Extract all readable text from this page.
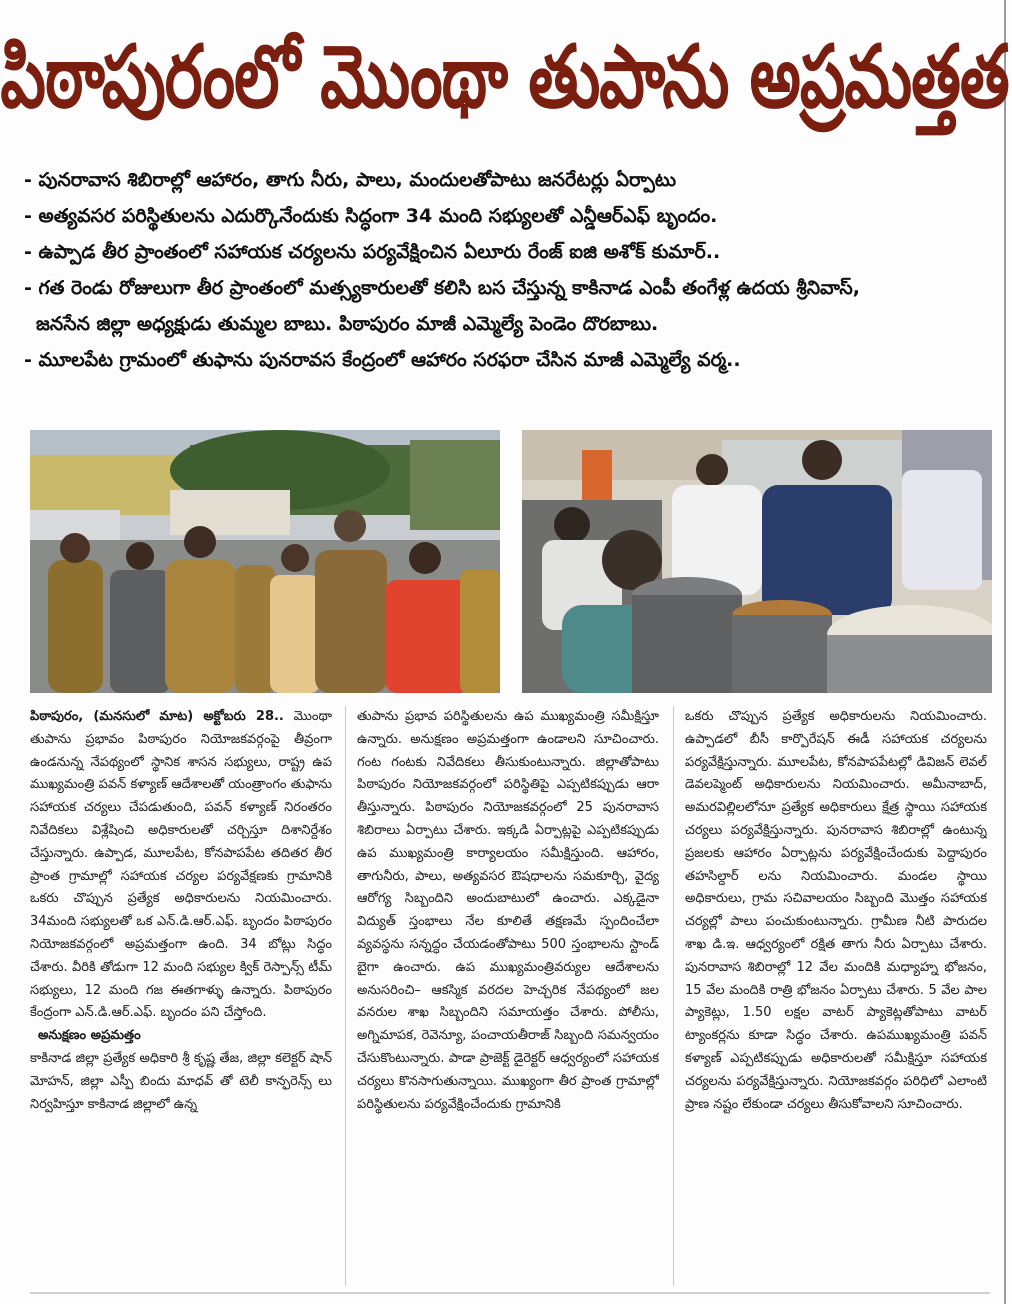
పిఠాపురంలో మొంథా తుపాను అప్రమత్తత
- పునరావాస శిబిరాల్లో ఆహారం, తాగు నీరు, పాలు, మందులతోపాటు జనరేటర్లు ఏర్పాటు
- అత్యవసర పరిస్థితులను ఎదుర్కొనేందుకు సిద్ధంగా 34 మంది సభ్యులతో ఎన్డీఆర్ఎఫ్ బృందం.
- ఉప్పాడ తీర ప్రాంతంలో సహాయక చర్యలను పర్యవేక్షించిన ఏలూరు రేంజ్ ఐజి అశోక్ కుమార్..
- గత రెండు రోజులుగా తీర ప్రాంతంలో మత్స్యకారులతో కలిసి బస చేస్తున్న కాకినాడ ఎంపీ తంగేళ్ల ఉదయ శ్రీనివాస్,
జనసేన జిల్లా అధ్యక్షుడు తుమ్మల బాబు. పిఠాపురం మాజీ ఎమ్మెల్యే పెండెం దొరబాబు.
- మూలపేట గ్రామంలో తుఫాను పునరావస కేంద్రంలో ఆహారం సరఫరా చేసిన మాజీ ఎమ్మెల్యే వర్మ..

పిఠాపురం, (మనసులో మాట) అక్టోబరు 28.. మొంథా తుపాను ప్రభావం పిఠాపురం నియోజకవర్గంపై తీవ్రంగా ఉండనున్న నేపథ్యంలో స్థానిక శాసన సభ్యులు, రాష్ట్ర ఉప ముఖ్యమంత్రి పవన్ కళ్యాణ్ ఆదేశాలతో యంత్రాంగం తుఫాను సహాయక చర్యలు చేపడుతుంది, పవన్ కళ్యాణ్ నిరంతరం నివేదికలు విశ్లేషించి అధికారులతో చర్చిస్తూ దిశానిర్దేశం చేస్తున్నారు. ఉప్పాడ, మూలపేట, కోనపాపపేట తదితర తీర ప్రాంత గ్రామాల్లో సహాయక చర్యల పర్యవేక్షణకు గ్రామానికి ఒకరు చొప్పున ప్రత్యేక అధికారులను నియమించారు. 34మంది సభ్యులతో ఒక ఎన్.డి.ఆర్.ఎఫ్. బృందం పిఠాపురం నియోజకవర్గంలో అప్రమత్తంగా ఉంది. 34 బోట్లు సిద్ధం చేశారు. వీరికి తోడుగా 12 మంది సభ్యుల క్విక్ రెస్పాన్స్ టీమ్ సభ్యులు, 12 మంది గజ ఈతగాళ్ళు ఉన్నారు. పిఠాపురం కేంద్రంగా ఎన్.డి.ఆర్.ఎఫ్. బృందం పని చేస్తోంది.

అనుక్షణం అప్రమత్తం

కాకినాడ జిల్లా ప్రత్యేక అధికారి శ్రీ కృష్ణ తేజ, జిల్లా కలెక్టర్ షాన్ మోహన్, జిల్లా ఎస్పీ బిందు మాధవ్ తో టెలీ కాన్ఫరెన్స్ లు నిర్వహిస్తూ కాకినాడ జిల్లాలో ఉన్న

తుపాను ప్రభావ పరిస్థితులను ఉప ముఖ్యమంత్రి సమీక్షిస్తూ ఉన్నారు. అనుక్షణం అప్రమత్తంగా ఉండాలని సూచించారు. గంట గంటకు నివేదికలు తీసుకుంటున్నారు. జిల్లాతోపాటు పిఠాపురం నియోజకవర్గంలో పరిస్థితిపై ఎప్పటికప్పుడు ఆరా తీస్తున్నారు. పిఠాపురం నియోజకవర్గంలో 25 పునరావాస శిబిరాలు ఏర్పాటు చేశారు. ఇక్కడి ఏర్పాట్లపై ఎప్పటికప్పుడు ఉప ముఖ్యమంత్రి కార్యాలయం సమీక్షిస్తుంది. ఆహారం, తాగునీరు, పాలు, అత్యవసర ఔషధాలను సమకూర్చి, వైద్య ఆరోగ్య సిబ్బందిని అందుబాటులో ఉంచారు. ఎక్కడైనా విద్యుత్ స్తంభాలు నేల కూలితే తక్షణమే స్పందించేలా వ్యవస్థను సన్నద్ధం చేయడంతోపాటు 500 స్తంభాలను స్టాండ్ బైగా ఉంచారు. ఉప ముఖ్యమంత్రివర్యుల ఆదేశాలను అనుసరించి– ఆకస్మిక వరదల హెచ్చరిక నేపథ్యంలో జల వనరుల శాఖ సిబ్బందిని సమాయత్తం చేశారు. పోలీసు, అగ్నిమాపక, రెవెన్యూ, పంచాయతీరాజ్ సిబ్బంది సమన్వయం చేసుకొంటున్నారు. పాడా ప్రాజెక్ట్ డైరెక్టర్ ఆధ్వర్యంలో సహాయక చర్యలు కొనసాగుతున్నాయి. ముఖ్యంగా తీర ప్రాంత గ్రామాల్లో పరిస్థితులను పర్యవేక్షించేందుకు గ్రామానికి

ఒకరు చొప్పున ప్రత్యేక అధికారులను నియమించారు. ఉప్పాడలో బీసీ కార్పొరేషన్ ఈడీ సహాయక చర్యలను పర్యవేక్షిస్తున్నారు. మూలపేట, కోనపాపపేటల్లో డివిజన్ లెవల్ డెవలప్మెంట్ అధికారులను నియమించారు. అమీనాబాద్, అమరవిల్లిలలోనూ ప్రత్యేక అధికారులు క్షేత్ర స్థాయి సహాయక చర్యలు పర్యవేక్షిస్తున్నారు. పునరావాస శిబిరాల్లో ఉంటున్న ప్రజలకు ఆహారం ఏర్పాట్లను పర్యవేక్షించేందుకు పెద్దాపురం తహసిల్దార్ లను నియమించారు. మండల స్థాయి అధికారులు, గ్రామ సచివాలయం సిబ్బంది మొత్తం సహాయక చర్యల్లో పాలు పంచుకుంటున్నారు. గ్రామీణ నీటి పారుదల శాఖ డి.ఇ. ఆధ్వర్యంలో రక్షిత తాగు నీరు ఏర్పాటు చేశారు. పునరావాస శిబిరాల్లో 12 వేల మందికి మధ్యాహ్న భోజనం, 15 వేల మందికి రాత్రి భోజనం ఏర్పాటు చేశారు. 5 వేల పాల ప్యాకెట్లు, 1.50 లక్షల వాటర్ ప్యాకెట్లతోపాటు వాటర్ ట్యాంకర్లను కూడా సిద్ధం చేశారు. ఉపముఖ్యమంత్రి పవన్ కళ్యాణ్ ఎప్పటికప్పుడు అధికారులతో సమీక్షిస్తూ సహాయక చర్యలను పర్యవేక్షిస్తున్నారు. నియోజకవర్గం పరిధిలో ఎలాంటి ప్రాణ నష్టం లేకుండా చర్యలు తీసుకోవాలని సూచించారు.
